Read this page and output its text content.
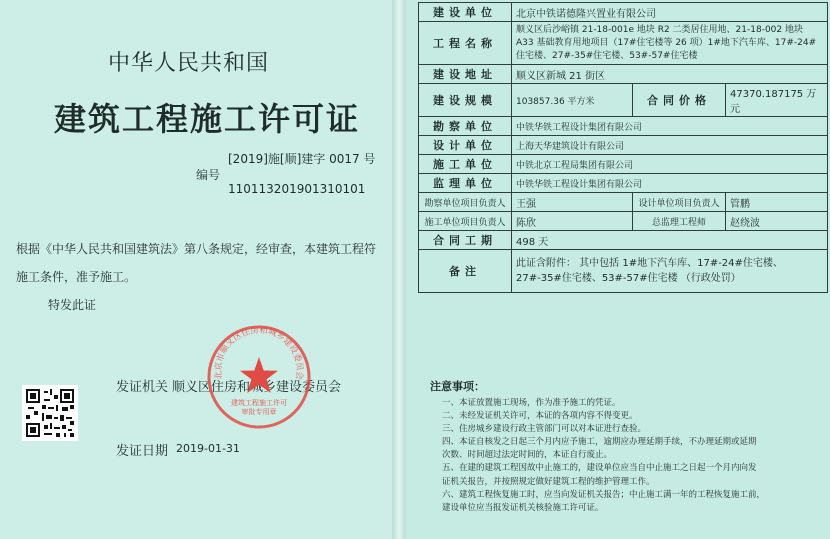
中华人民共和国
建筑工程施工许可证
[2019]施[顺]建字 0017 号
编号
110113201901310101
根据《中华人民共和国建筑法》第八条规定，经审查，本建筑工程符
施工条件，准予施工。
特发此证
发证机关 顺义区住房和城乡建设委员会
发证日期 2019-01-31
北京市顺义区住房和城乡建设委员会
建筑工程施工许可
审批专用章
建设单位	北京中铁诺德隆兴置业有限公司		
工程名称	顺义区后沙峪镇 21-18-001e 地块 R2 二类居住用地、21-18-002 地块 A33 基础教育用地项目（17#住宅楼等 26 项）1#地下汽车库、17#-24#住宅楼、27#-35#住宅楼、53#-57#住宅楼		
建设地址	顺义区新城 21 街区		
建设规模	103857.36 平方米	合同价格	47370.187175 万元
勘察单位	中铁华铁工程设计集团有限公司		
设计单位	上海天华建筑设计有限公司		
施工单位	中铁北京工程局集团有限公司		
监理单位	中铁华铁工程设计集团有限公司		
勘察单位项目负责人	王强	设计单位项目负责人	管鹏
施工单位项目负责人	陈欣	总监理工程师	赵绕波
合同工期	498 天		
备注	此证含附件： 其中包括 1#地下汽车库、17#-24#住宅楼、27#-35#住宅楼、53#-57#住宅楼 （行政处罚）		
注意事项：
一、本证放置施工现场，作为准予施工的凭证。
二、未经发证机关许可，本证的各项内容不得变更。
三、住房城乡建设行政主管部门可以对本证进行查验。
四、本证自核发之日起三个月内应予施工，逾期应办理延期手续，不办理延期或延期
次数、时间超过法定时间的，本证自行废止。
五、在建的建筑工程因故中止施工的，建设单位应当自中止施工之日起一个月内向发
证机关报告，并按照规定做好建筑工程的维护管理工作。
六、建筑工程恢复施工时，应当向发证机关报告；中止施工满一年的工程恢复施工前，
建设单位应当报发证机关核验施工许可证。
